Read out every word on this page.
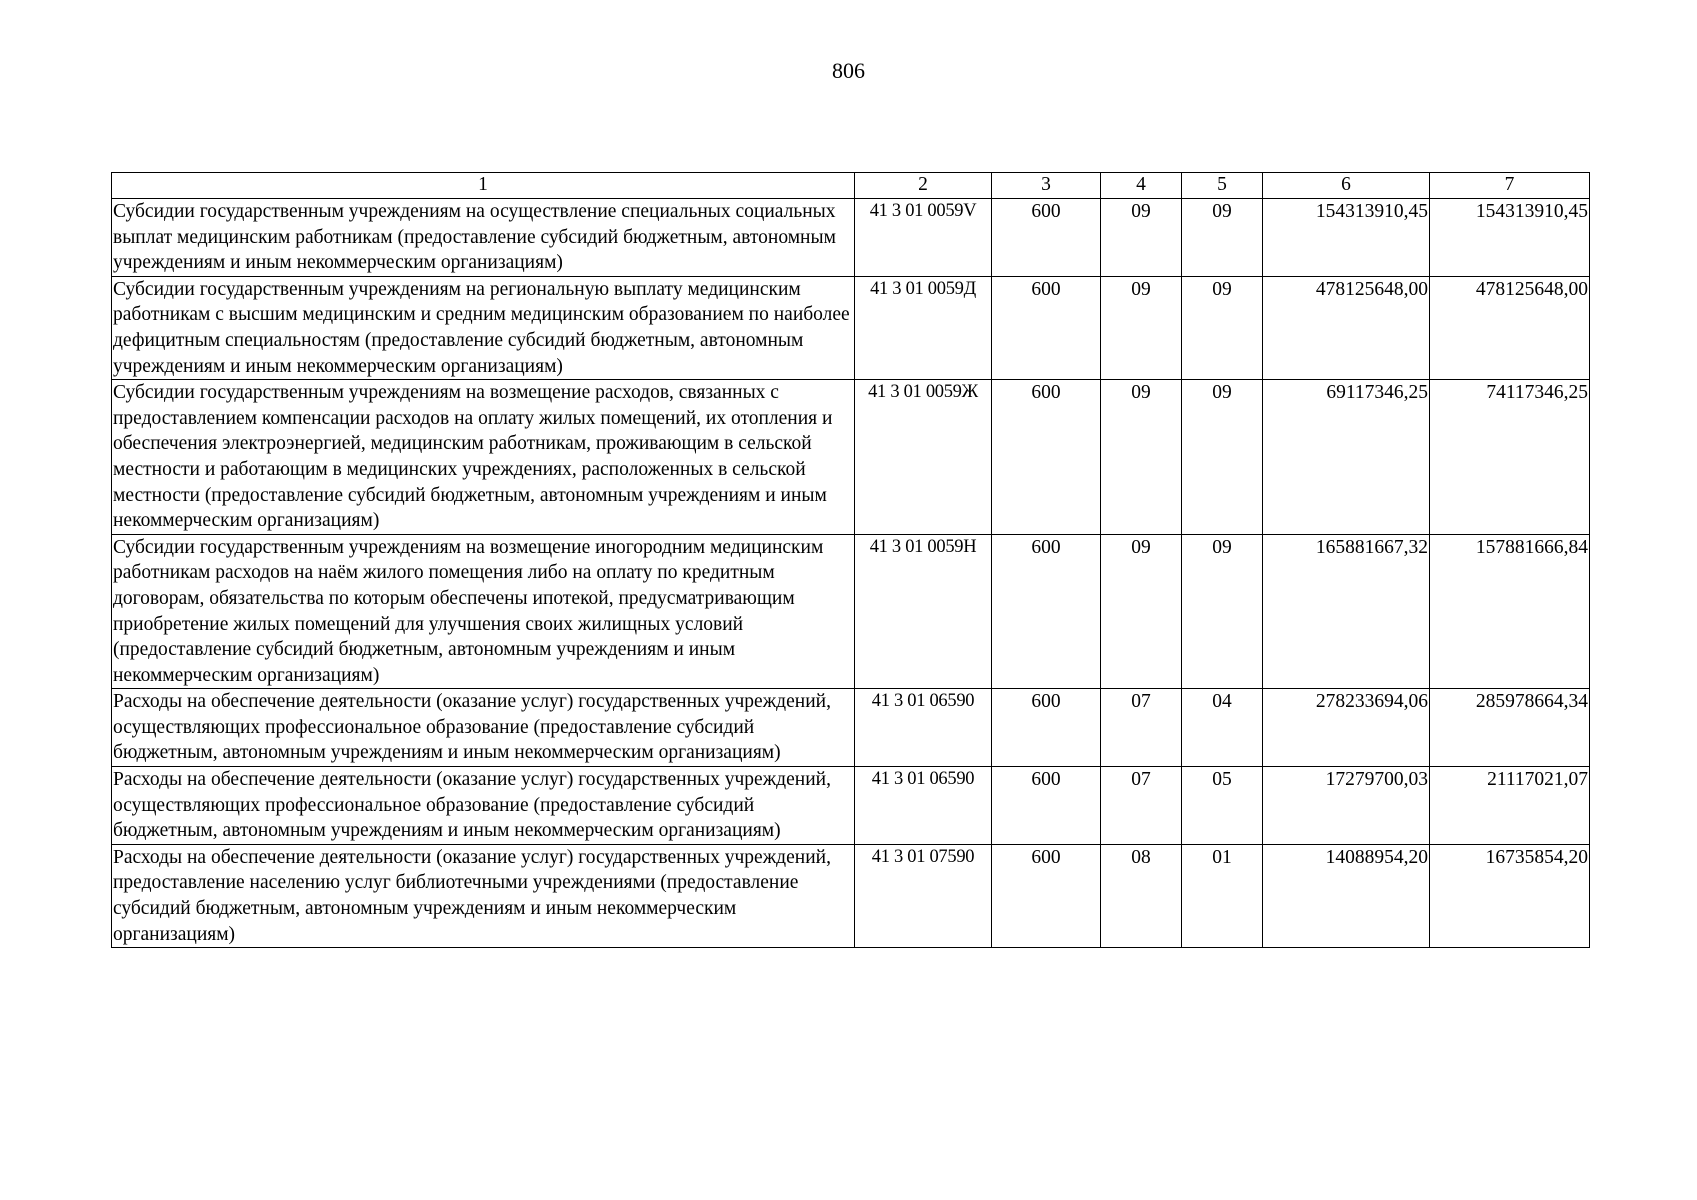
806
1	2	3	4	5	6	7
Субсидии государственным учреждениям на осуществление специальных социальных выплат медицинским работникам (предоставление субсидий бюджетным, автономным учреждениям и иным некоммерческим организациям)	41 3 01 0059V	600	09	09	154313910,45	154313910,45
Субсидии государственным учреждениям на региональную выплату медицинским работникам с высшим медицинским и средним медицинским образованием по наиболее дефицитным специальностям (предоставление субсидий бюджетным, автономным учреждениям и иным некоммерческим организациям)	41 3 01 0059Д	600	09	09	478125648,00	478125648,00
Субсидии государственным учреждениям на возмещение расходов, связанных с предоставлением компенсации расходов на оплату жилых помещений, их отопления и обеспечения электроэнергией, медицинским работникам, проживающим в сельской местности и работающим в медицинских учреждениях, расположенных в сельской местности (предоставление субсидий бюджетным, автономным учреждениям и иным некоммерческим организациям)	41 3 01 0059Ж	600	09	09	69117346,25	74117346,25
Субсидии государственным учреждениям на возмещение иногородним медицинским работникам расходов на наём жилого помещения либо на оплату по кредитным договорам, обязательства по которым обеспечены ипотекой, предусматривающим приобретение жилых помещений для улучшения своих жилищных условий (предоставление субсидий бюджетным, автономным учреждениям и иным некоммерческим организациям)	41 3 01 0059Н	600	09	09	165881667,32	157881666,84
Расходы на обеспечение деятельности (оказание услуг) государственных учреждений, осуществляющих профессиональное образование (предоставление субсидий бюджетным, автономным учреждениям и иным некоммерческим организациям)	41 3 01 06590	600	07	04	278233694,06	285978664,34
Расходы на обеспечение деятельности (оказание услуг) государственных учреждений, осуществляющих профессиональное образование (предоставление субсидий бюджетным, автономным учреждениям и иным некоммерческим организациям)	41 3 01 06590	600	07	05	17279700,03	21117021,07
Расходы на обеспечение деятельности (оказание услуг) государственных учреждений, предоставление населению услуг библиотечными учреждениями (предоставление субсидий бюджетным, автономным учреждениям и иным некоммерческим организациям)	41 3 01 07590	600	08	01	14088954,20	16735854,20
